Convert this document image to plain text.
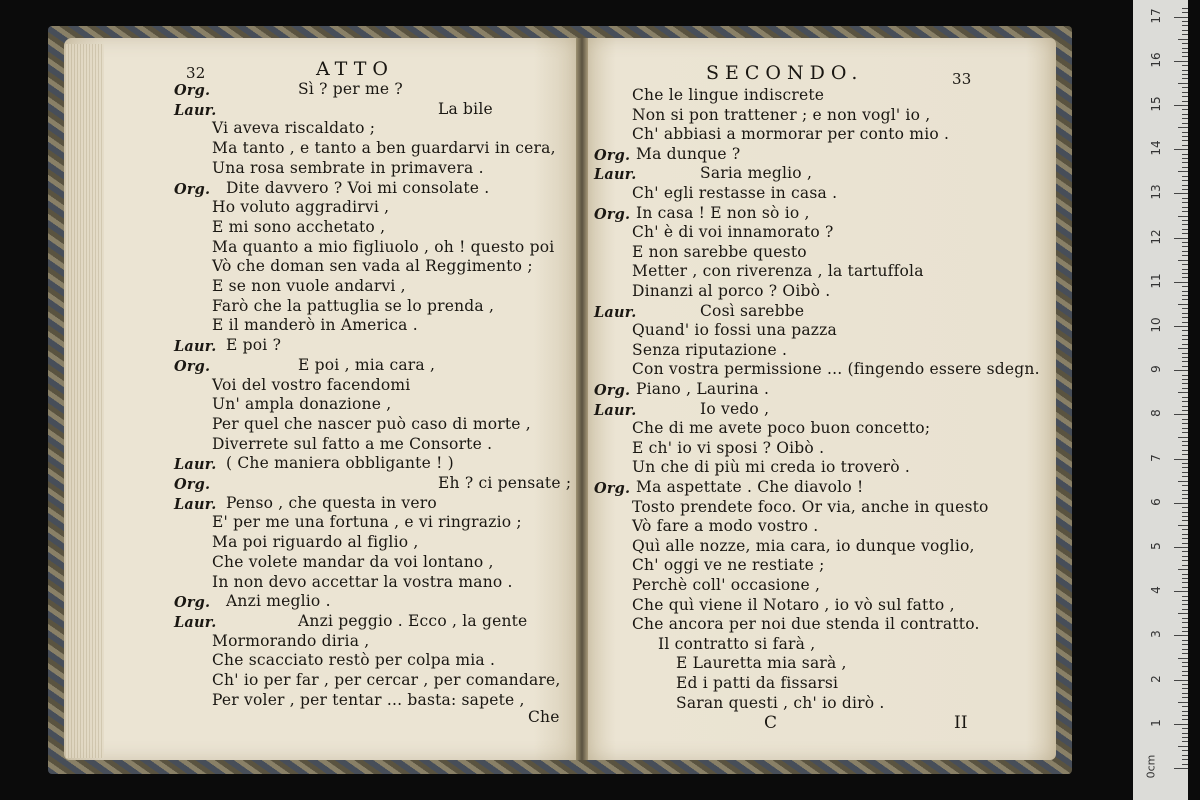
32	ATTO
Org.	Sì ? per me ?
Laur.	La bile
Vi aveva riscaldato ;
Ma tanto , e tanto a ben guardarvi in cera,
Una rosa sembrate in primavera .
Org. Dite davvero ? Voi mi consolate .
Ho voluto aggradirvi ,
E mi sono acchetato ,
Ma quanto a mio figliuolo , oh ! questo poi
Vò che doman sen vada al Reggimento ;
E se non vuole andarvi ,
Farò che la pattuglia se lo prenda ,
E il manderò in America .
Laur. E poi ?
Org.	E poi , mia cara ,
Voi del vostro facendomi
Un' ampla donazione ,
Per quel che nascer può caso di morte ,
Diverrete sul fatto a me Consorte .
Laur. ( Che maniera obbligante ! )
Org.	Eh ? ci pensate ;
Laur. Penso , che questa in vero
E' per me una fortuna , e vi ringrazio ;
Ma poi riguardo al figlio ,
Che volete mandar da voi lontano ,
In non devo accettar la vostra mano .
Org. Anzi meglio .
Laur.	Anzi peggio . Ecco , la gente
Mormorando diria ,
Che scacciato restò per colpa mia .
Ch' io per far , per cercar , per comandare,
Per voler , per tentar ... basta: sapete ,
Che
SECONDO.	33
Che le lingue indiscrete
Non si pon trattener ; e non vogl' io ,
Ch' abbiasi a mormorar per conto mio .
Org. Ma dunque ?
Laur.	Saria meglio ,
Ch' egli restasse in casa .
Org. In casa ! E non sò io ,
Ch' è di voi innamorato ?
E non sarebbe questo
Metter , con riverenza , la tartuffola
Dinanzi al porco ? Oibò .
Laur.	Così sarebbe
Quand' io fossi una pazza
Senza riputazione .
Con vostra permissione ... (fingendo essere sdegn.
Org. Piano , Laurina .
Laur.	Io vedo ,
Che di me avete poco buon concetto;
E ch' io vi sposi ? Oibò .
Un che di più mi creda io troverò .
Org. Ma aspettate . Che diavolo !
Tosto prendete foco. Or via, anche in questo
Vò fare a modo vostro .
Quì alle nozze, mia cara, io dunque voglio,
Ch' oggi ve ne restiate ;
Perchè coll' occasione ,
Che quì viene il Notaro , io vò sul fatto ,
Che ancora per noi due stenda il contratto.
Il contratto si farà ,
E Lauretta mia sarà ,
Ed i patti da fissarsi
Saran questi , ch' io dirò .
C	II
0cm
1
2
3
4
5
6
7
8
9
10
11
12
13
14
15
16
17
